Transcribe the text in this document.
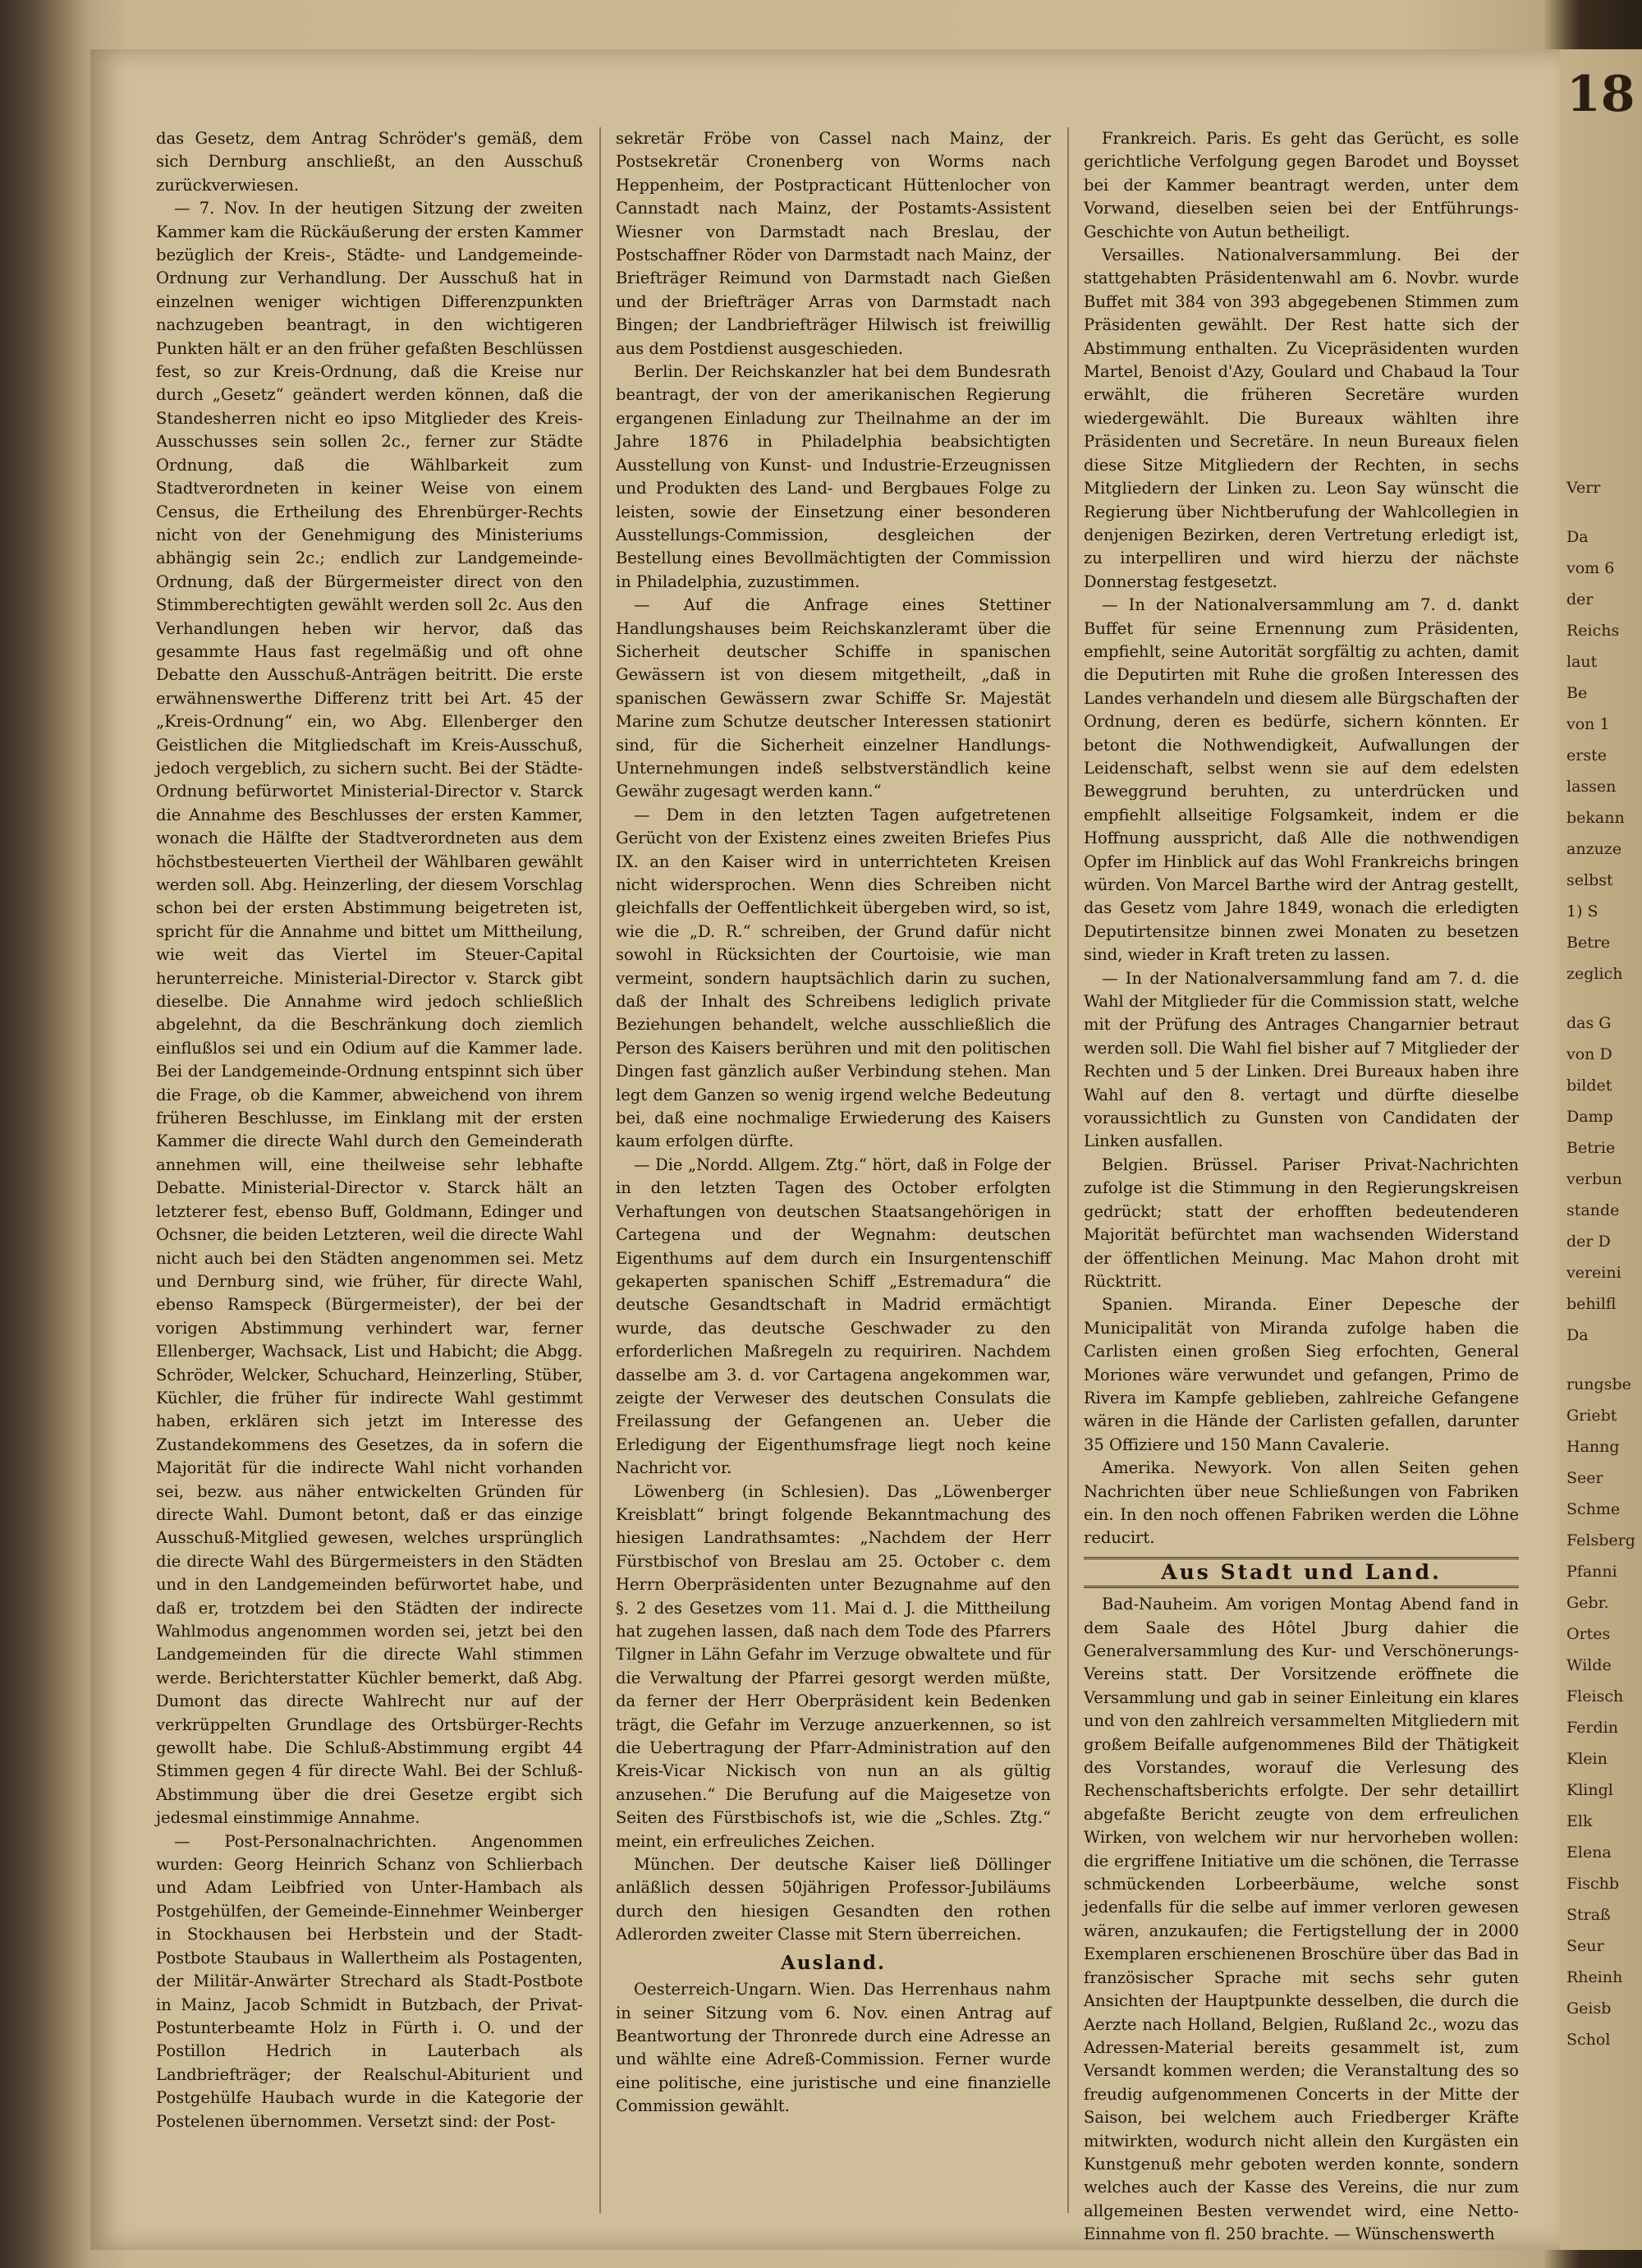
das Gesetz, dem Antrag Schröder's gemäß, dem sich Dernburg anschließt, an den Ausschuß zurückverwiesen.

— 7. Nov. In der heutigen Sitzung der zweiten Kammer kam die Rückäußerung der ersten Kammer bezüglich der Kreis-, Städte- und Landgemeinde-Ordnung zur Verhandlung. Der Ausschuß hat in einzelnen weniger wichtigen Differenzpunkten nachzugeben beantragt, in den wichtigeren Punkten hält er an den früher gefaßten Beschlüssen fest, so zur Kreis-Ordnung, daß die Kreise nur durch „Gesetz“ geändert werden können, daß die Standesherren nicht eo ipso Mitglieder des Kreis-Ausschusses sein sollen 2c., ferner zur Städte Ordnung, daß die Wählbarkeit zum Stadtverordneten in keiner Weise von einem Census, die Ertheilung des Ehrenbürger-Rechts nicht von der Genehmigung des Ministeriums abhängig sein 2c.; endlich zur Landgemeinde-Ordnung, daß der Bürgermeister direct von den Stimmberechtigten gewählt werden soll 2c. Aus den Verhandlungen heben wir hervor, daß das gesammte Haus fast regelmäßig und oft ohne Debatte den Ausschuß-Anträgen beitritt. Die erste erwähnenswerthe Differenz tritt bei Art. 45 der „Kreis-Ordnung“ ein, wo Abg. Ellenberger den Geistlichen die Mitgliedschaft im Kreis-Ausschuß, jedoch vergeblich, zu sichern sucht. Bei der Städte-Ordnung befürwortet Ministerial-Director v. Starck die Annahme des Beschlusses der ersten Kammer, wonach die Hälfte der Stadtverordneten aus dem höchstbesteuerten Viertheil der Wählbaren gewählt werden soll. Abg. Heinzerling, der diesem Vorschlag schon bei der ersten Abstimmung beigetreten ist, spricht für die Annahme und bittet um Mittheilung, wie weit das Viertel im Steuer-Capital herunterreiche. Ministerial-Director v. Starck gibt dieselbe. Die Annahme wird jedoch schließlich abgelehnt, da die Beschränkung doch ziemlich einflußlos sei und ein Odium auf die Kammer lade. Bei der Landgemeinde-Ordnung entspinnt sich über die Frage, ob die Kammer, abweichend von ihrem früheren Beschlusse, im Einklang mit der ersten Kammer die directe Wahl durch den Gemeinderath annehmen will, eine theilweise sehr lebhafte Debatte. Ministerial-Director v. Starck hält an letzterer fest, ebenso Buff, Goldmann, Edinger und Ochsner, die beiden Letzteren, weil die directe Wahl nicht auch bei den Städten angenommen sei. Metz und Dernburg sind, wie früher, für directe Wahl, ebenso Ramspeck (Bürgermeister), der bei der vorigen Abstimmung verhindert war, ferner Ellenberger, Wachsack, List und Habicht; die Abgg. Schröder, Welcker, Schuchard, Heinzerling, Stüber, Küchler, die früher für indirecte Wahl gestimmt haben, erklären sich jetzt im Interesse des Zustandekommens des Gesetzes, da in sofern die Majorität für die indirecte Wahl nicht vorhanden sei, bezw. aus näher entwickelten Gründen für directe Wahl. Dumont betont, daß er das einzige Ausschuß-Mitglied gewesen, welches ursprünglich die directe Wahl des Bürgermeisters in den Städten und in den Landgemeinden befürwortet habe, und daß er, trotzdem bei den Städten der indirecte Wahlmodus angenommen worden sei, jetzt bei den Landgemeinden für die directe Wahl stimmen werde. Berichterstatter Küchler bemerkt, daß Abg. Dumont das directe Wahlrecht nur auf der verkrüppelten Grundlage des Ortsbürger-Rechts gewollt habe. Die Schluß-Abstimmung ergibt 44 Stimmen gegen 4 für directe Wahl. Bei der Schluß-Abstimmung über die drei Gesetze ergibt sich jedesmal einstimmige Annahme.

— Post-Personalnachrichten. Angenommen wurden: Georg Heinrich Schanz von Schlierbach und Adam Leibfried von Unter-Hambach als Postgehülfen, der Gemeinde-Einnehmer Weinberger in Stockhausen bei Herbstein und der Stadt-Postbote Staubaus in Wallertheim als Postagenten, der Militär-Anwärter Strechard als Stadt-Postbote in Mainz, Jacob Schmidt in Butzbach, der Privat-Postunterbeamte Holz in Fürth i. O. und der Postillon Hedrich in Lauterbach als Landbriefträger; der Realschul-Abiturient und Postgehülfe Haubach wurde in die Kategorie der Postelenen übernommen. Versetzt sind: der Post-

sekretär Fröbe von Cassel nach Mainz, der Postsekretär Cronenberg von Worms nach Heppenheim, der Postpracticant Hüttenlocher von Cannstadt nach Mainz, der Postamts-Assistent Wiesner von Darmstadt nach Breslau, der Postschaffner Röder von Darmstadt nach Mainz, der Briefträger Reimund von Darmstadt nach Gießen und der Briefträger Arras von Darmstadt nach Bingen; der Landbriefträger Hilwisch ist freiwillig aus dem Postdienst ausgeschieden.

Berlin. Der Reichskanzler hat bei dem Bundesrath beantragt, der von der amerikanischen Regierung ergangenen Einladung zur Theilnahme an der im Jahre 1876 in Philadelphia beabsichtigten Ausstellung von Kunst- und Industrie-Erzeugnissen und Produkten des Land- und Bergbaues Folge zu leisten, sowie der Einsetzung einer besonderen Ausstellungs-Commission, desgleichen der Bestellung eines Bevollmächtigten der Commission in Philadelphia, zuzustimmen.

— Auf die Anfrage eines Stettiner Handlungshauses beim Reichskanzleramt über die Sicherheit deutscher Schiffe in spanischen Gewässern ist von diesem mitgetheilt, „daß in spanischen Gewässern zwar Schiffe Sr. Majestät Marine zum Schutze deutscher Interessen stationirt sind, für die Sicherheit einzelner Handlungs-Unternehmungen indeß selbstverständlich keine Gewähr zugesagt werden kann.“

— Dem in den letzten Tagen aufgetretenen Gerücht von der Existenz eines zweiten Briefes Pius IX. an den Kaiser wird in unterrichteten Kreisen nicht widersprochen. Wenn dies Schreiben nicht gleichfalls der Oeffentlichkeit übergeben wird, so ist, wie die „D. R.“ schreiben, der Grund dafür nicht sowohl in Rücksichten der Courtoisie, wie man vermeint, sondern hauptsächlich darin zu suchen, daß der Inhalt des Schreibens lediglich private Beziehungen behandelt, welche ausschließlich die Person des Kaisers berühren und mit den politischen Dingen fast gänzlich außer Verbindung stehen. Man legt dem Ganzen so wenig irgend welche Bedeutung bei, daß eine nochmalige Erwiederung des Kaisers kaum erfolgen dürfte.

— Die „Nordd. Allgem. Ztg.“ hört, daß in Folge der in den letzten Tagen des October erfolgten Verhaftungen von deutschen Staatsangehörigen in Cartegena und der Wegnahm: deutschen Eigenthums auf dem durch ein Insurgentenschiff gekaperten spanischen Schiff „Estremadura“ die deutsche Gesandtschaft in Madrid ermächtigt wurde, das deutsche Geschwader zu den erforderlichen Maßregeln zu requiriren. Nachdem dasselbe am 3. d. vor Cartagena angekommen war, zeigte der Verweser des deutschen Consulats die Freilassung der Gefangenen an. Ueber die Erledigung der Eigenthumsfrage liegt noch keine Nachricht vor.

Löwenberg (in Schlesien). Das „Löwenberger Kreisblatt“ bringt folgende Bekanntmachung des hiesigen Landrathsamtes: „Nachdem der Herr Fürstbischof von Breslau am 25. October c. dem Herrn Oberpräsidenten unter Bezugnahme auf den §. 2 des Gesetzes vom 11. Mai d. J. die Mittheilung hat zugehen lassen, daß nach dem Tode des Pfarrers Tilgner in Lähn Gefahr im Verzuge obwaltete und für die Verwaltung der Pfarrei gesorgt werden müßte, da ferner der Herr Oberpräsident kein Bedenken trägt, die Gefahr im Verzuge anzuerkennen, so ist die Uebertragung der Pfarr-Administration auf den Kreis-Vicar Nickisch von nun an als gültig anzusehen.“ Die Berufung auf die Maigesetze von Seiten des Fürstbischofs ist, wie die „Schles. Ztg.“ meint, ein erfreuliches Zeichen.

München. Der deutsche Kaiser ließ Döllinger anläßlich dessen 50jährigen Professor-Jubiläums durch den hiesigen Gesandten den rothen Adlerorden zweiter Classe mit Stern überreichen.

Ausland.

Oesterreich-Ungarn. Wien. Das Herrenhaus nahm in seiner Sitzung vom 6. Nov. einen Antrag auf Beantwortung der Thronrede durch eine Adresse an und wählte eine Adreß-Commission. Ferner wurde eine politische, eine juristische und eine finanzielle Commission gewählt.

Frankreich. Paris. Es geht das Gerücht, es solle gerichtliche Verfolgung gegen Barodet und Boysset bei der Kammer beantragt werden, unter dem Vorwand, dieselben seien bei der Entführungs-Geschichte von Autun betheiligt.

Versailles. Nationalversammlung. Bei der stattgehabten Präsidentenwahl am 6. Novbr. wurde Buffet mit 384 von 393 abgegebenen Stimmen zum Präsidenten gewählt. Der Rest hatte sich der Abstimmung enthalten. Zu Vicepräsidenten wurden Martel, Benoist d'Azy, Goulard und Chabaud la Tour erwählt, die früheren Secretäre wurden wiedergewählt. Die Bureaux wählten ihre Präsidenten und Secretäre. In neun Bureaux fielen diese Sitze Mitgliedern der Rechten, in sechs Mitgliedern der Linken zu. Leon Say wünscht die Regierung über Nichtberufung der Wahlcollegien in denjenigen Bezirken, deren Vertretung erledigt ist, zu interpelliren und wird hierzu der nächste Donnerstag festgesetzt.

— In der Nationalversammlung am 7. d. dankt Buffet für seine Ernennung zum Präsidenten, empfiehlt, seine Autorität sorgfältig zu achten, damit die Deputirten mit Ruhe die großen Interessen des Landes verhandeln und diesem alle Bürgschaften der Ordnung, deren es bedürfe, sichern könnten. Er betont die Nothwendigkeit, Aufwallungen der Leidenschaft, selbst wenn sie auf dem edelsten Beweggrund beruhten, zu unterdrücken und empfiehlt allseitige Folgsamkeit, indem er die Hoffnung ausspricht, daß Alle die nothwendigen Opfer im Hinblick auf das Wohl Frankreichs bringen würden. Von Marcel Barthe wird der Antrag gestellt, das Gesetz vom Jahre 1849, wonach die erledigten Deputirtensitze binnen zwei Monaten zu besetzen sind, wieder in Kraft treten zu lassen.

— In der Nationalversammlung fand am 7. d. die Wahl der Mitglieder für die Commission statt, welche mit der Prüfung des Antrages Changarnier betraut werden soll. Die Wahl fiel bisher auf 7 Mitglieder der Rechten und 5 der Linken. Drei Bureaux haben ihre Wahl auf den 8. vertagt und dürfte dieselbe voraussichtlich zu Gunsten von Candidaten der Linken ausfallen.

Belgien. Brüssel. Pariser Privat-Nachrichten zufolge ist die Stimmung in den Regierungskreisen gedrückt; statt der erhofften bedeutenderen Majorität befürchtet man wachsenden Widerstand der öffentlichen Meinung. Mac Mahon droht mit Rücktritt.

Spanien. Miranda. Einer Depesche der Municipalität von Miranda zufolge haben die Carlisten einen großen Sieg erfochten, General Moriones wäre verwundet und gefangen, Primo de Rivera im Kampfe geblieben, zahlreiche Gefangene wären in die Hände der Carlisten gefallen, darunter 35 Offiziere und 150 Mann Cavalerie.

Amerika. Newyork. Von allen Seiten gehen Nachrichten über neue Schließungen von Fabriken ein. In den noch offenen Fabriken werden die Löhne reducirt.

Aus Stadt und Land.

Bad-Nauheim. Am vorigen Montag Abend fand in dem Saale des Hôtel Jburg dahier die Generalversammlung des Kur- und Verschönerungs-Vereins statt. Der Vorsitzende eröffnete die Versammlung und gab in seiner Einleitung ein klares und von den zahlreich versammelten Mitgliedern mit großem Beifalle aufgenommenes Bild der Thätigkeit des Vorstandes, worauf die Verlesung des Rechenschaftsberichts erfolgte. Der sehr detaillirt abgefaßte Bericht zeugte von dem erfreulichen Wirken, von welchem wir nur hervorheben wollen: die ergriffene Initiative um die schönen, die Terrasse schmückenden Lorbeerbäume, welche sonst jedenfalls für die selbe auf immer verloren gewesen wären, anzukaufen; die Fertigstellung der in 2000 Exemplaren erschienenen Broschüre über das Bad in französischer Sprache mit sechs sehr guten Ansichten der Hauptpunkte desselben, die durch die Aerzte nach Holland, Belgien, Rußland 2c., wozu das Adressen-Material bereits gesammelt ist, zum Versandt kommen werden; die Veranstaltung des so freudig aufgenommenen Concerts in der Mitte der Saison, bei welchem auch Friedberger Kräfte mitwirkten, wodurch nicht allein den Kurgästen ein Kunstgenuß mehr geboten werden konnte, sondern welches auch der Kasse des Vereins, die nur zum allgemeinen Besten verwendet wird, eine Netto-Einnahme von fl. 250 brachte. — Wünschenswerth

18
Verr
Da
vom 6
der
Reichs
laut
Be
von 1
erste
lassen
bekann
anzuze
selbst
1) S
Betre
zeglich
das G
von D
bildet
Damp
Betrie
verbun
stande
der D
vereini
behilfl
Da
rungsbe
Griebt
Hanng
Seer
Schme
Felsberg
Pfanni
Gebr.
Ortes
Wilde
Fleisch
Ferdin
Klein
Klingl
Elk
Elena
Fischb
Straß
Seur
Rheinh
Geisb
Schol
